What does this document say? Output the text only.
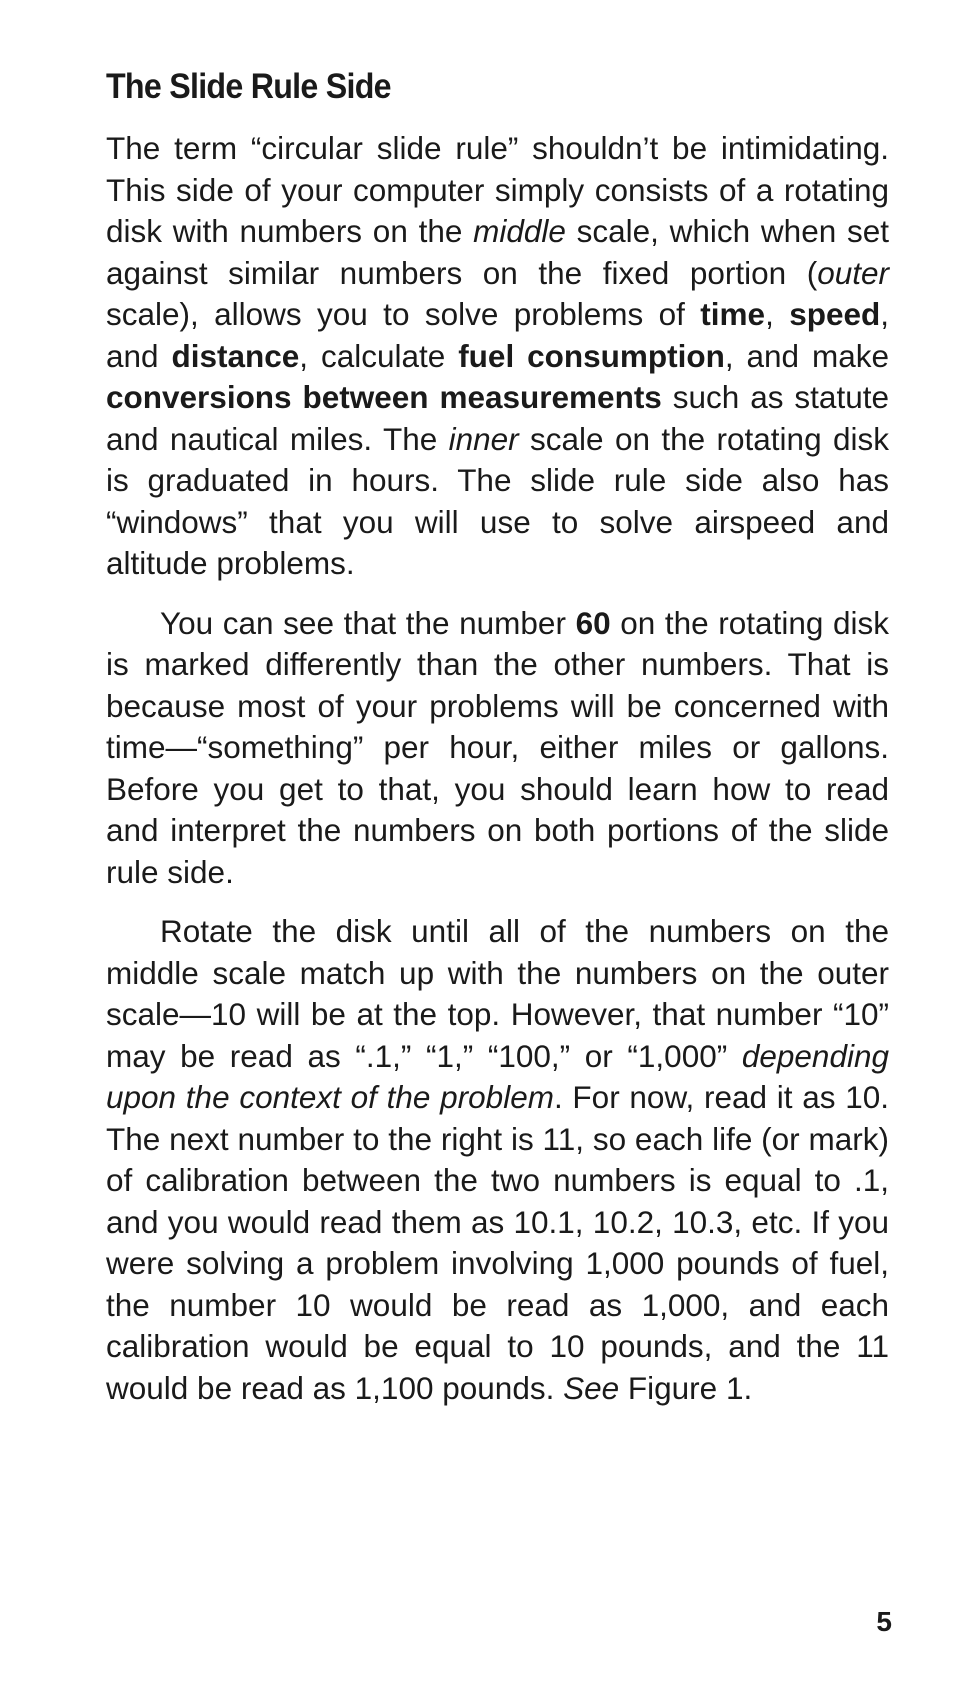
The Slide Rule Side

The term “circular slide rule” shouldn’t be intimidating. This side of your computer simply consists of a rotating disk with numbers on the middle scale, which when set against similar numbers on the fixed portion (outer scale), allows you to solve problems of time, speed, and distance, calculate fuel consumption, and make conversions between measurements such as statute and nautical miles. The inner scale on the rotating disk is graduated in hours. The slide rule side also has “windows” that you will use to solve airspeed and altitude problems.

You can see that the number 60 on the rotating disk is marked differently than the other numbers. That is because most of your problems will be concerned with time—“something” per hour, either miles or gallons. Before you get to that, you should learn how to read and interpret the numbers on both portions of the slide rule side.

Rotate the disk until all of the numbers on the middle scale match up with the numbers on the outer scale—10 will be at the top. However, that number “10” may be read as “.1,” “1,” “100,” or “1,000” depending upon the context of the problem. For now, read it as 10. The next number to the right is 11, so each life (or mark) of calibration between the two numbers is equal to .1, and you would read them as 10.1, 10.2, 10.3, etc. If you were solving a problem involving 1,000 pounds of fuel, the number 10 would be read as 1,000, and each calibration would be equal to 10 pounds, and the 11 would be read as 1,100 pounds. See Figure 1.

5
